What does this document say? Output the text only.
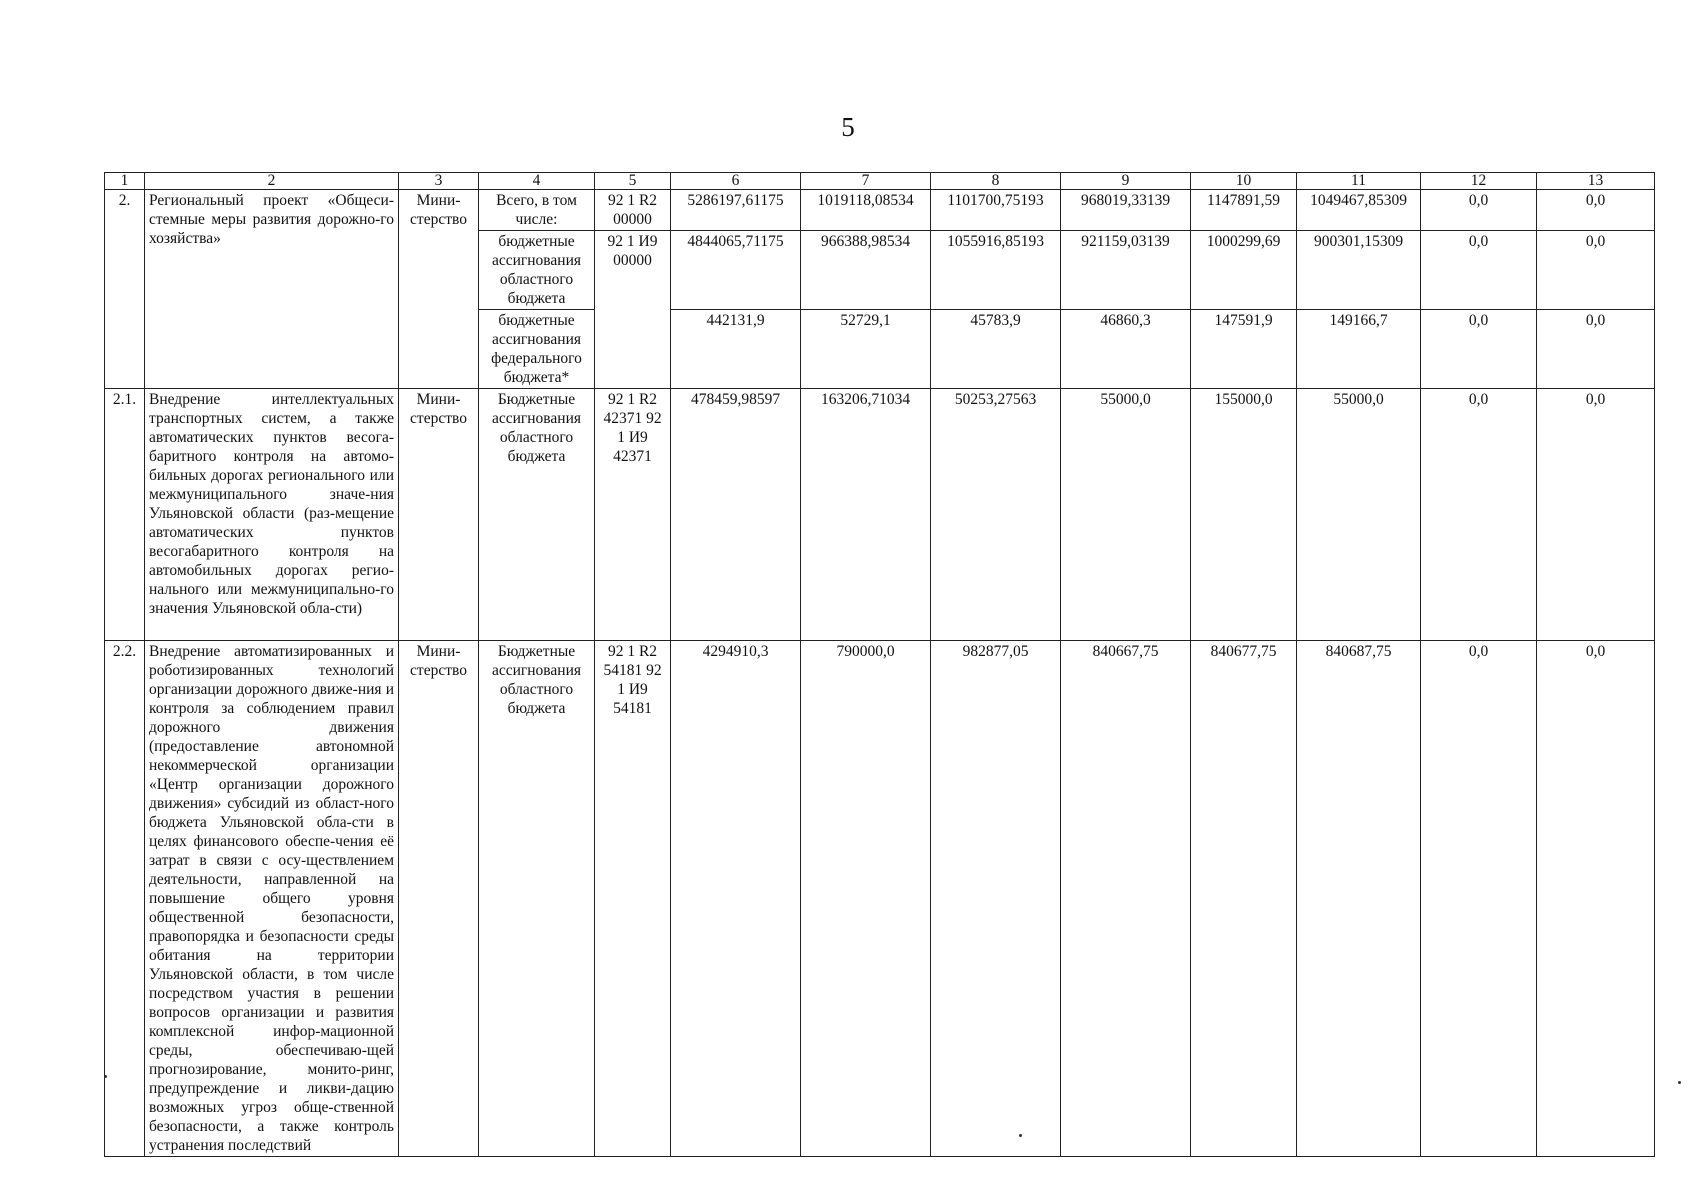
5
1	2	3	4	5	6	7	8	9	10	11	12	13
2.	Региональный проект «Общеси-стемные меры развития дорожно-го хозяйства»	Мини-стерство	Всего, в том числе:	92 1 R2 00000	5286197,61175	1019118,08534	1101700,75193	968019,33139	1147891,59	1049467,85309	0,0	0,0
			бюджетные ассигнования областного бюджета	92 1 И9 00000	4844065,71175	966388,98534	1055916,85193	921159,03139	1000299,69	900301,15309	0,0	0,0
			бюджетные ассигнования федерального бюджета*		442131,9	52729,1	45783,9	46860,3	147591,9	149166,7	0,0	0,0
2.1.	Внедрение интеллектуальных транспортных систем, а также автоматических пунктов весога-баритного контроля на автомо-бильных дорогах регионального или межмуниципального значе-ния Ульяновской области (раз-мещение автоматических пунктов весогабаритного контроля на автомобильных дорогах регио-нального или межмуниципально-го значения Ульяновской обла-сти)	Мини-стерство	Бюджетные ассигнования областного бюджета	92 1 R2 42371 92 1 И9 42371	478459,98597	163206,71034	50253,27563	55000,0	155000,0	55000,0	0,0	0,0
2.2.	Внедрение автоматизированных и роботизированных технологий организации дорожного движе-ния и контроля за соблюдением правил дорожного движения (предоставление автономной некоммерческой организации «Центр организации дорожного движения» субсидий из област-ного бюджета Ульяновской обла-сти в целях финансового обеспе-чения её затрат в связи с осу-ществлением деятельности, направленной на повышение общего уровня общественной безопасности, правопорядка и безопасности среды обитания на территории Ульяновской области, в том числе посредством участия в решении вопросов организации и развития комплексной инфор-мационной среды, обеспечиваю-щей прогнозирование, монито-ринг, предупреждение и ликви-дацию возможных угроз обще-ственной безопасности, а также контроль устранения последствий	Мини-стерство	Бюджетные ассигнования областного бюджета	92 1 R2 54181 92 1 И9 54181	4294910,3	790000,0	982877,05	840667,75	840677,75	840687,75	0,0	0,0
